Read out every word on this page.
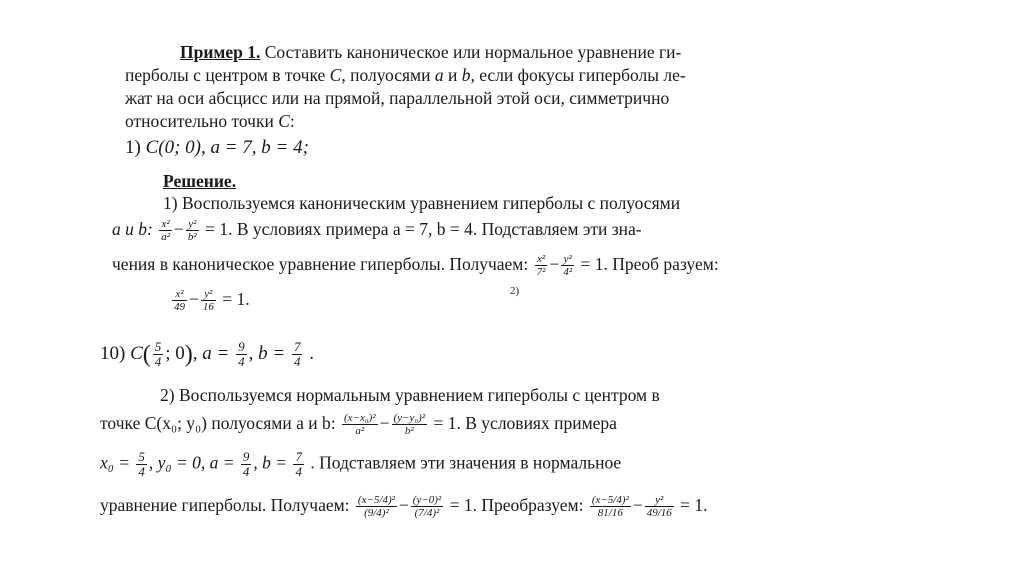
Пример 1. Составить каноническое или нормальное уравнение ги-
перболы с центром в точке C, полуосями a и b, если фокусы гиперболы ле-
жат на оси абсцисс или на прямой, параллельной этой оси, симметрично
относительно точки C:
1) C(0; 0), a = 7, b = 4;
Решение.
1) Воспользуемся каноническим уравнением гиперболы с полуосями
a и b: $\frac{\text{x²}}{\text{a²}} - \frac{\text{y²}}{\text{b²}} = 1$. В условиях примера a = 7, b = 4. Подставляем эти зна-
чения в каноническое уравнение гиперболы. Получаем: $\frac{\text{x²}}{\text{7²}} - \frac{\text{y²}}{\text{4²}} = 1$. Преоб разуем:
2)
$\frac{\text{x²}}{49} - \frac{\text{y²}}{16} = 1$.
10) $C( \frac{5}{4}$ ; 0), $a = \frac{9}{4}$ , $b = \frac{7}{4}$ .
2) Воспользуемся нормальным уравнением гиперболы с центром в
точке C(x₀; y₀) полуосями a и b: $\frac{\text{(x−x₀)²}}{\text{a²}} - \frac{\text{(y−y₀)²}}{\text{b²}} = 1$. В условиях примера
$x_0 = \frac{5}{4}$ , y₀ = 0, $a = \frac{9}{4}$ , $b = \frac{7}{4}$ . Подставляем эти значения в нормальное
уравнение гиперболы. Получаем: $\frac{\text{(x−5/4)²}}{\text{(9/4)²}} - \frac{\text{(y−0)²}}{\text{(7/4)²}} = 1$. Преобразуем: $\frac{\text{(x−5/4)²}}{81/16} - \frac{\text{y²}}{49/16} = 1$.
